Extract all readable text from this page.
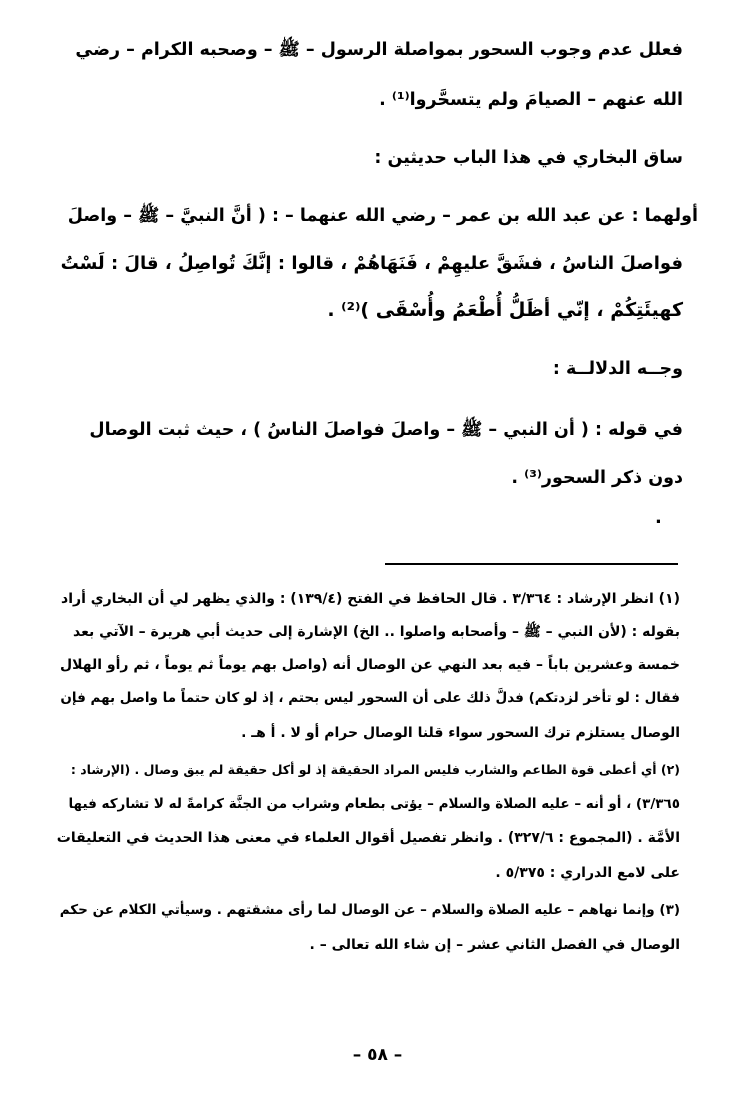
فعلل عدم وجوب السحور بمواصلة الرسول – ﷺ – وصحبه الكرام – رضي
الله عنهم – الصيامَ ولم يتسحَّروا⁽¹⁾ .
ساق البخاري في هذا الباب حديثين :
أولهما : عن عبد الله بن عمر – رضي الله عنهما – : ( أنَّ النبيَّ – ﷺ – واصلَ
فواصلَ الناسُ ، فشَقَّ عليهِمْ ، فَنَهَاهُمْ ، قالوا : إنَّكَ تُواصِلُ ، قالَ : لَسْتُ
كهيئَتِكُمْ ، إنّي أظَلُّ أُطْعَمُ وأُسْقَى )⁽²⁾ .
وجــه الدلالــة :
في قوله : ( أن النبي – ﷺ – واصلَ فواصلَ الناسُ ) ، حيث ثبت الوصال
دون ذكر السحور⁽³⁾ .
.
(١) انظر الإرشاد : ٣/٣٦٤ . قال الحافظ في الفتح (١٣٩/٤) : والذي يظهر لي أن البخاري أراد
بقوله : (لأن النبي – ﷺ – وأصحابه واصلوا .. الخ) الإشارة إلى حديث أبي هريرة – الآتي بعد
خمسة وعشرين باباً – فيه بعد النهي عن الوصال أنه (واصل بهم يوماً ثم يوماً ، ثم رأو الهلال
فقال : لو تأخر لزدتكم) فدلَّ ذلك على أن السحور ليس بحتم ، إذ لو كان حتماً ما واصل بهم فإن
الوصال يستلزم ترك السحور سواء قلنا الوصال حرام أو لا . أ هـ .
(٢) أي أعطى قوة الطاعم والشارب فليس المراد الحقيقة إذ لو أكل حقيقة لم يبق وصال . (الإرشاد :
٣/٣٦٥) ، أو أنه – عليه الصلاة والسلام – يؤتى بطعام وشراب من الجنَّة كرامةً له لا تشاركه فيها
الأمَّة . (المجموع : ٣٢٧/٦) . وانظر تفصيل أقوال العلماء في معنى هذا الحديث في التعليقات
على لامع الدراري : ٥/٣٧٥ .
(٣) وإنما نهاهم – عليه الصلاة والسلام – عن الوصال لما رأى مشقتهم . وسيأتي الكلام عن حكم
الوصال في الفصل الثاني عشر – إن شاء الله تعالى – .
– ٥٨ –
